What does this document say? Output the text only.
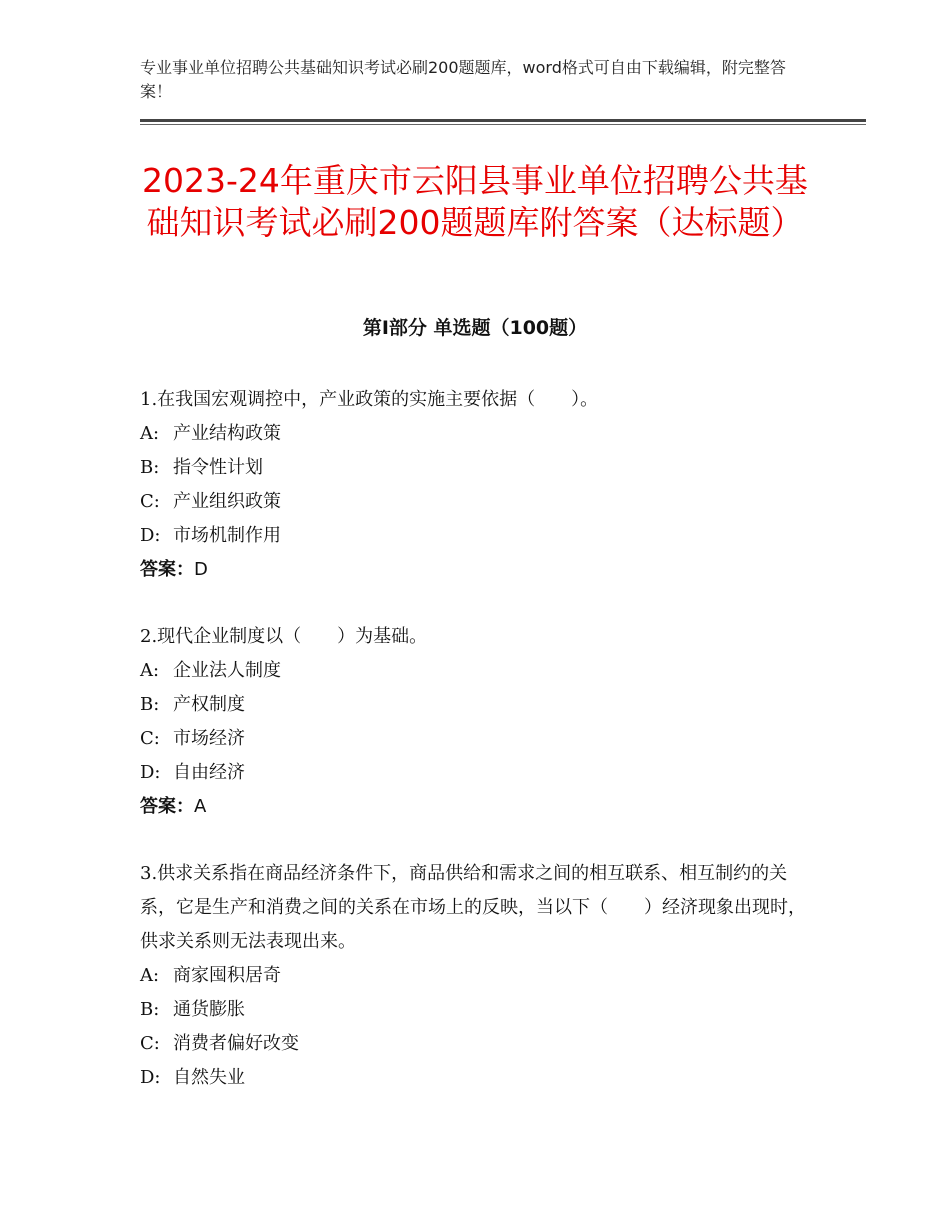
专业事业单位招聘公共基础知识考试必刷200题题库，word格式可自由下载编辑，附完整答案！
2023-24年重庆市云阳县事业单位招聘公共基础知识考试必刷200题题库附答案（达标题）
第Ⅰ部分 单选题（100题）

1.在我国宏观调控中，产业政策的实施主要依据（　　）。

A: 产业结构政策

B: 指令性计划

C: 产业组织政策

D: 市场机制作用

答案：D

2.现代企业制度以（　　）为基础。

A: 企业法人制度

B: 产权制度

C: 市场经济

D: 自由经济

答案：A

3.供求关系指在商品经济条件下，商品供给和需求之间的相互联系、相互制约的关系，它是生产和消费之间的关系在市场上的反映，当以下（　　）经济现象出现时，供求关系则无法表现出来。

A: 商家囤积居奇

B: 通货膨胀

C: 消费者偏好改变

D: 自然失业
